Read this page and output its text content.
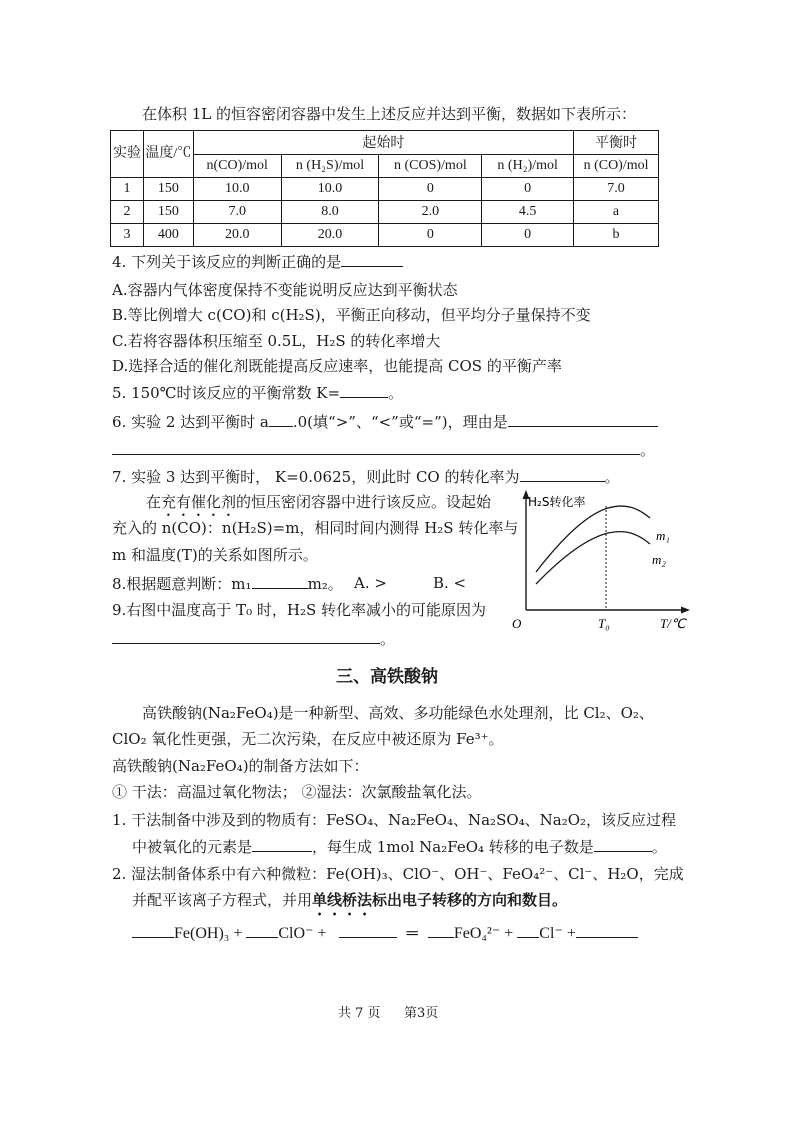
在体积 1L 的恒容密闭容器中发生上述反应并达到平衡，数据如下表所示：
实验	温度/℃	起始时				平衡时
		n(CO)/mol	n (H₂S)/mol	n (COS)/mol	n (H₂)/mol	n (CO)/mol
1	150	10.0	10.0	0	0	7.0
2	150	7.0	8.0	2.0	4.5	a
3	400	20.0	20.0	0	0	b
4. 下列关于该反应的判断正确的是
A.容器内气体密度保持不变能说明反应达到平衡状态
B.等比例增大 c(CO)和 c(H₂S)，平衡正向移动，但平均分子量保持不变
C.若将容器体积压缩至 0.5L，H₂S 的转化率增大
D.选择合适的催化剂既能提高反应速率，也能提高 COS 的平衡产率
5. 150℃时该反应的平衡常数 K=	。
6. 实验 2 达到平衡时 a .0(填“>”、“<”或“=”)，理由是
。
7. 实验 3 达到平衡时， K=0.0625，则此时 CO 的转化率为	。
在充有催化剂的恒压密闭容器中进行该反应。设起始
充入的 n(CO)：n(H₂S)=m，相同时间内测得 H₂S 转化率与
m 和温度(T)的关系如图所示。
8.根据题意判断：m₁	m₂。 A. >	B. <
9.右图中温度高于 T₀ 时，H₂S 转化率减小的可能原因为
。
H₂S转化率
m₁
m₂
O	T₀	T/℃
三、高铁酸钠
高铁酸钠(Na₂FeO₄)是一种新型、高效、多功能绿色水处理剂，比 Cl₂、O₂、
ClO₂ 氧化性更强，无二次污染，在反应中被还原为 Fe³⁺。
高铁酸钠(Na₂FeO₄)的制备方法如下：
① 干法：高温过氧化物法； ②湿法：次氯酸盐氧化法。
1. 干法制备中涉及到的物质有：FeSO₄、Na₂FeO₄、Na₂SO₄、Na₂O₂，该反应过程
中被氧化的元素是	，每生成 1mol Na₂FeO₄ 转移的电子数是	。
2. 湿法制备体系中有六种微粒：Fe(OH)₃、ClO⁻、OH⁻、FeO₄²⁻、Cl⁻、H₂O，完成
并配平该离子方程式，并用单线桥法标出电子转移的方向和数目。
Fe(OH)₃ + ClO⁻ +	═ FeO₄²⁻ + Cl⁻ +
共 7 页 第3页
